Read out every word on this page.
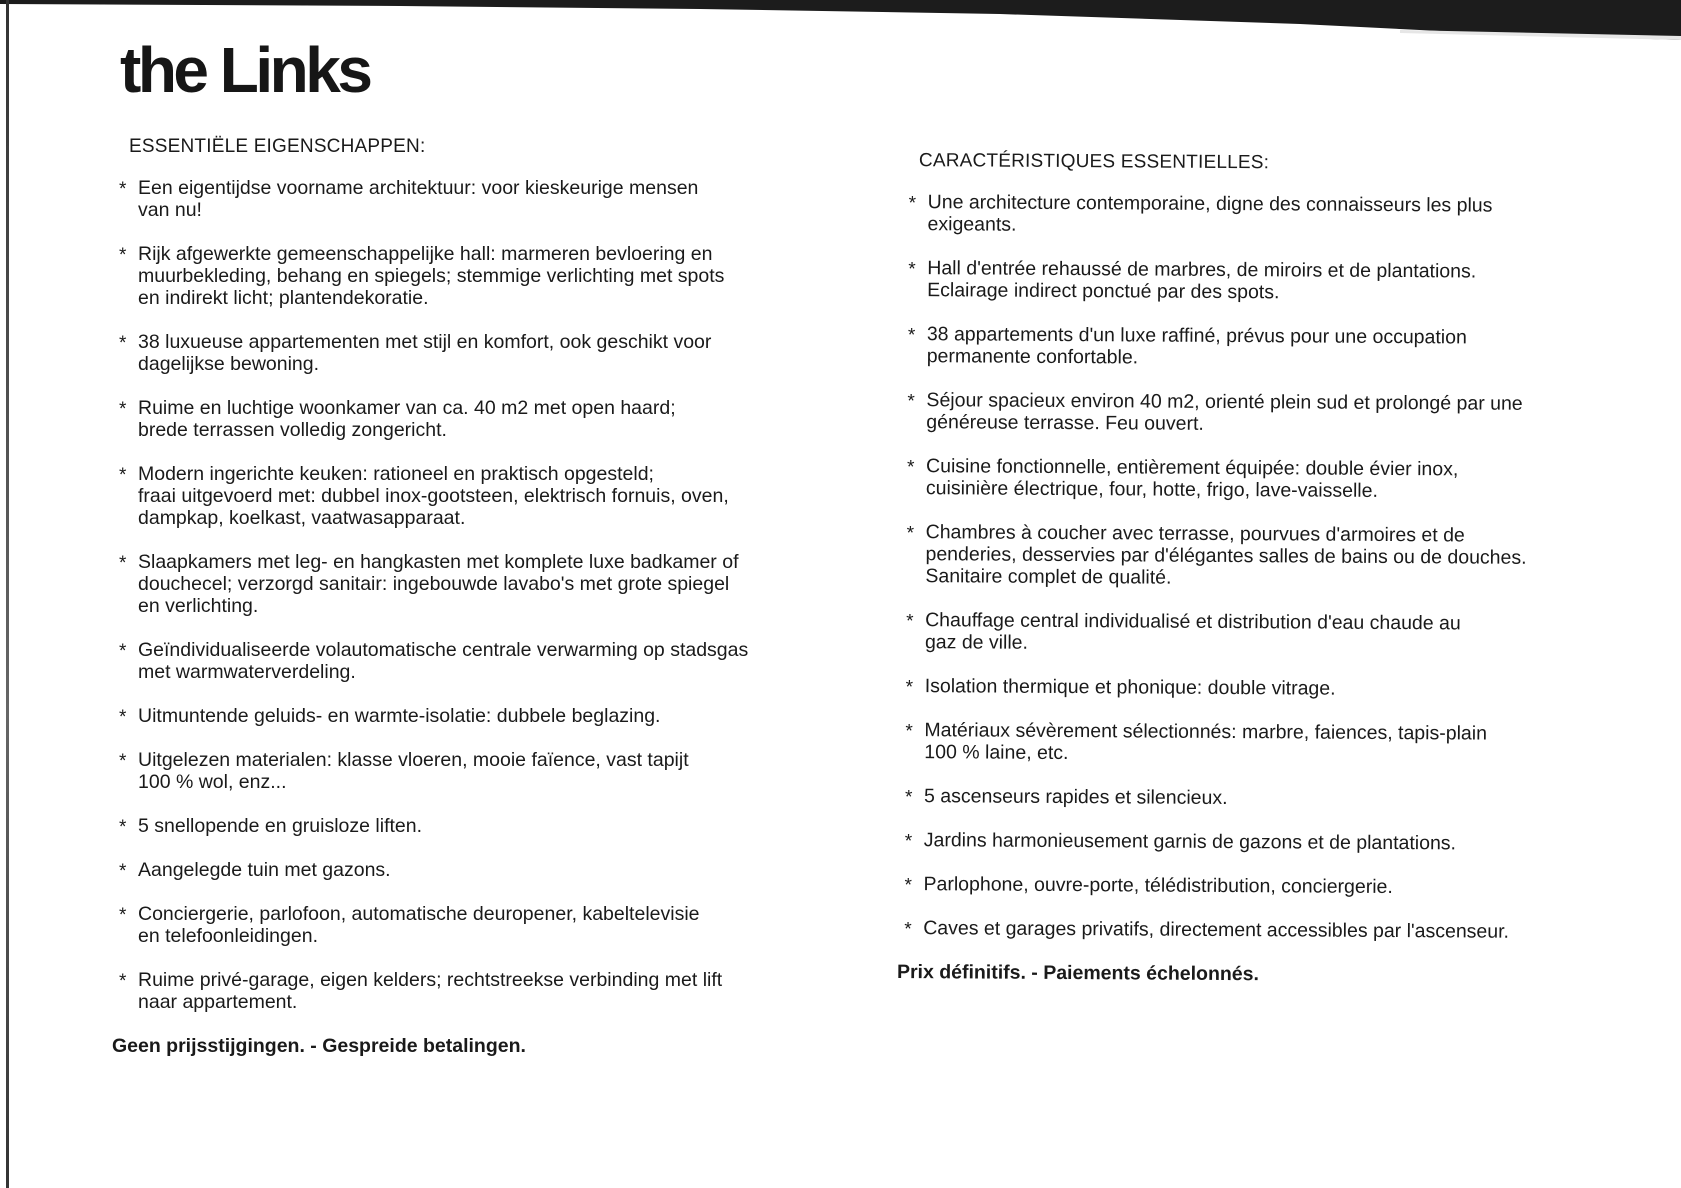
the Links
ESSENTIËLE EIGENSCHAPPEN:
* Een eigentijdse voorname architektuur: voor kieskeurige mensen
van nu!
* Rijk afgewerkte gemeenschappelijke hall: marmeren bevloering en
muurbekleding, behang en spiegels; stemmige verlichting met spots
en indirekt licht; plantendekoratie.
* 38 luxueuse appartementen met stijl en komfort, ook geschikt voor
dagelijkse bewoning.
* Ruime en luchtige woonkamer van ca. 40 m2 met open haard;
brede terrassen volledig zongericht.
* Modern ingerichte keuken: rationeel en praktisch opgesteld;
fraai uitgevoerd met: dubbel inox-gootsteen, elektrisch fornuis, oven,
dampkap, koelkast, vaatwasapparaat.
* Slaapkamers met leg- en hangkasten met komplete luxe badkamer of
douchecel; verzorgd sanitair: ingebouwde lavabo's met grote spiegel
en verlichting.
* Geïndividualiseerde volautomatische centrale verwarming op stadsgas
met warmwaterverdeling.
* Uitmuntende geluids- en warmte-isolatie: dubbele beglazing.
* Uitgelezen materialen: klasse vloeren, mooie faïence, vast tapijt
100 % wol, enz...
* 5 snellopende en gruisloze liften.
* Aangelegde tuin met gazons.
* Conciergerie, parlofoon, automatische deuropener, kabeltelevisie
en telefoonleidingen.
* Ruime privé-garage, eigen kelders; rechtstreekse verbinding met lift
naar appartement.

Geen prijsstijgingen. - Gespreide betalingen.

CARACTÉRISTIQUES ESSENTIELLES:
* Une architecture contemporaine, digne des connaisseurs les plus
exigeants.
* Hall d'entrée rehaussé de marbres, de miroirs et de plantations.
Eclairage indirect ponctué par des spots.
* 38 appartements d'un luxe raffiné, prévus pour une occupation
permanente confortable.
* Séjour spacieux environ 40 m2, orienté plein sud et prolongé par une
généreuse terrasse. Feu ouvert.
* Cuisine fonctionnelle, entièrement équipée: double évier inox,
cuisinière électrique, four, hotte, frigo, lave-vaisselle.
* Chambres à coucher avec terrasse, pourvues d'armoires et de
penderies, desservies par d'élégantes salles de bains ou de douches.
Sanitaire complet de qualité.
* Chauffage central individualisé et distribution d'eau chaude au
gaz de ville.
* Isolation thermique et phonique: double vitrage.
* Matériaux sévèrement sélectionnés: marbre, faiences, tapis-plain
100 % laine, etc.
* 5 ascenseurs rapides et silencieux.
* Jardins harmonieusement garnis de gazons et de plantations.
* Parlophone, ouvre-porte, télédistribution, conciergerie.
* Caves et garages privatifs, directement accessibles par l'ascenseur.

Prix définitifs. - Paiements échelonnés.
